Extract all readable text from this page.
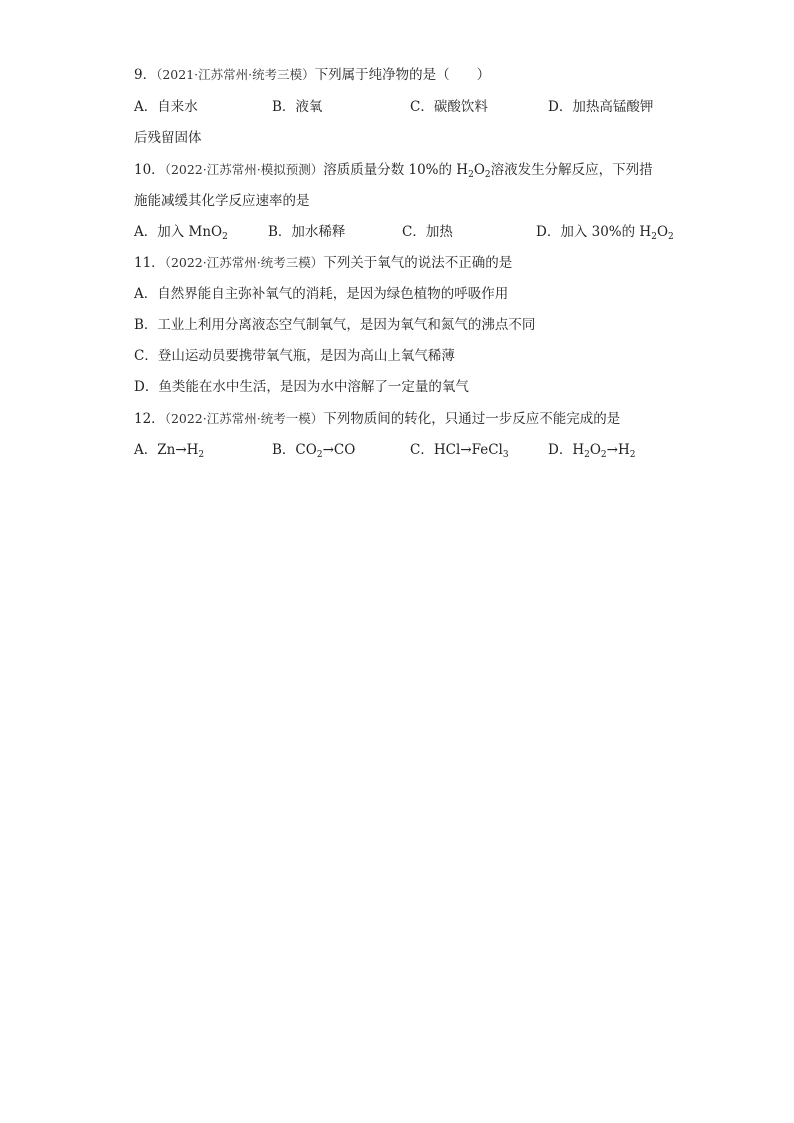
9．（2021·江苏常州·统考三模）下列属于纯净物的是（　　）
A．自来水	B．液氧	C．碳酸饮料	D．加热高锰酸钾
后残留固体
10．（2022·江苏常州·模拟预测）溶质质量分数 10%的 $H_2O_2$溶液发生分解反应，下列措
施能减缓其化学反应速率的是
A．加入 MnO$_2$	B．加水稀释	C．加热	D．加入 30%的 $H_2O_2$
11．（2022·江苏常州·统考三模）下列关于氧气的说法不正确的是
A．自然界能自主弥补氧气的消耗，是因为绿色植物的呼吸作用
B．工业上利用分离液态空气制氧气，是因为氧气和氮气的沸点不同
C．登山运动员要携带氧气瓶，是因为高山上氧气稀薄
D．鱼类能在水中生活，是因为水中溶解了一定量的氧气
12．（2022·江苏常州·统考一模）下列物质间的转化，只通过一步反应不能完成的是
A．$Zn\to H_2$	B．$CO_2\to CO$	C．HCl→FeCl$_3$	D．$H_2O_2\to H_2$
